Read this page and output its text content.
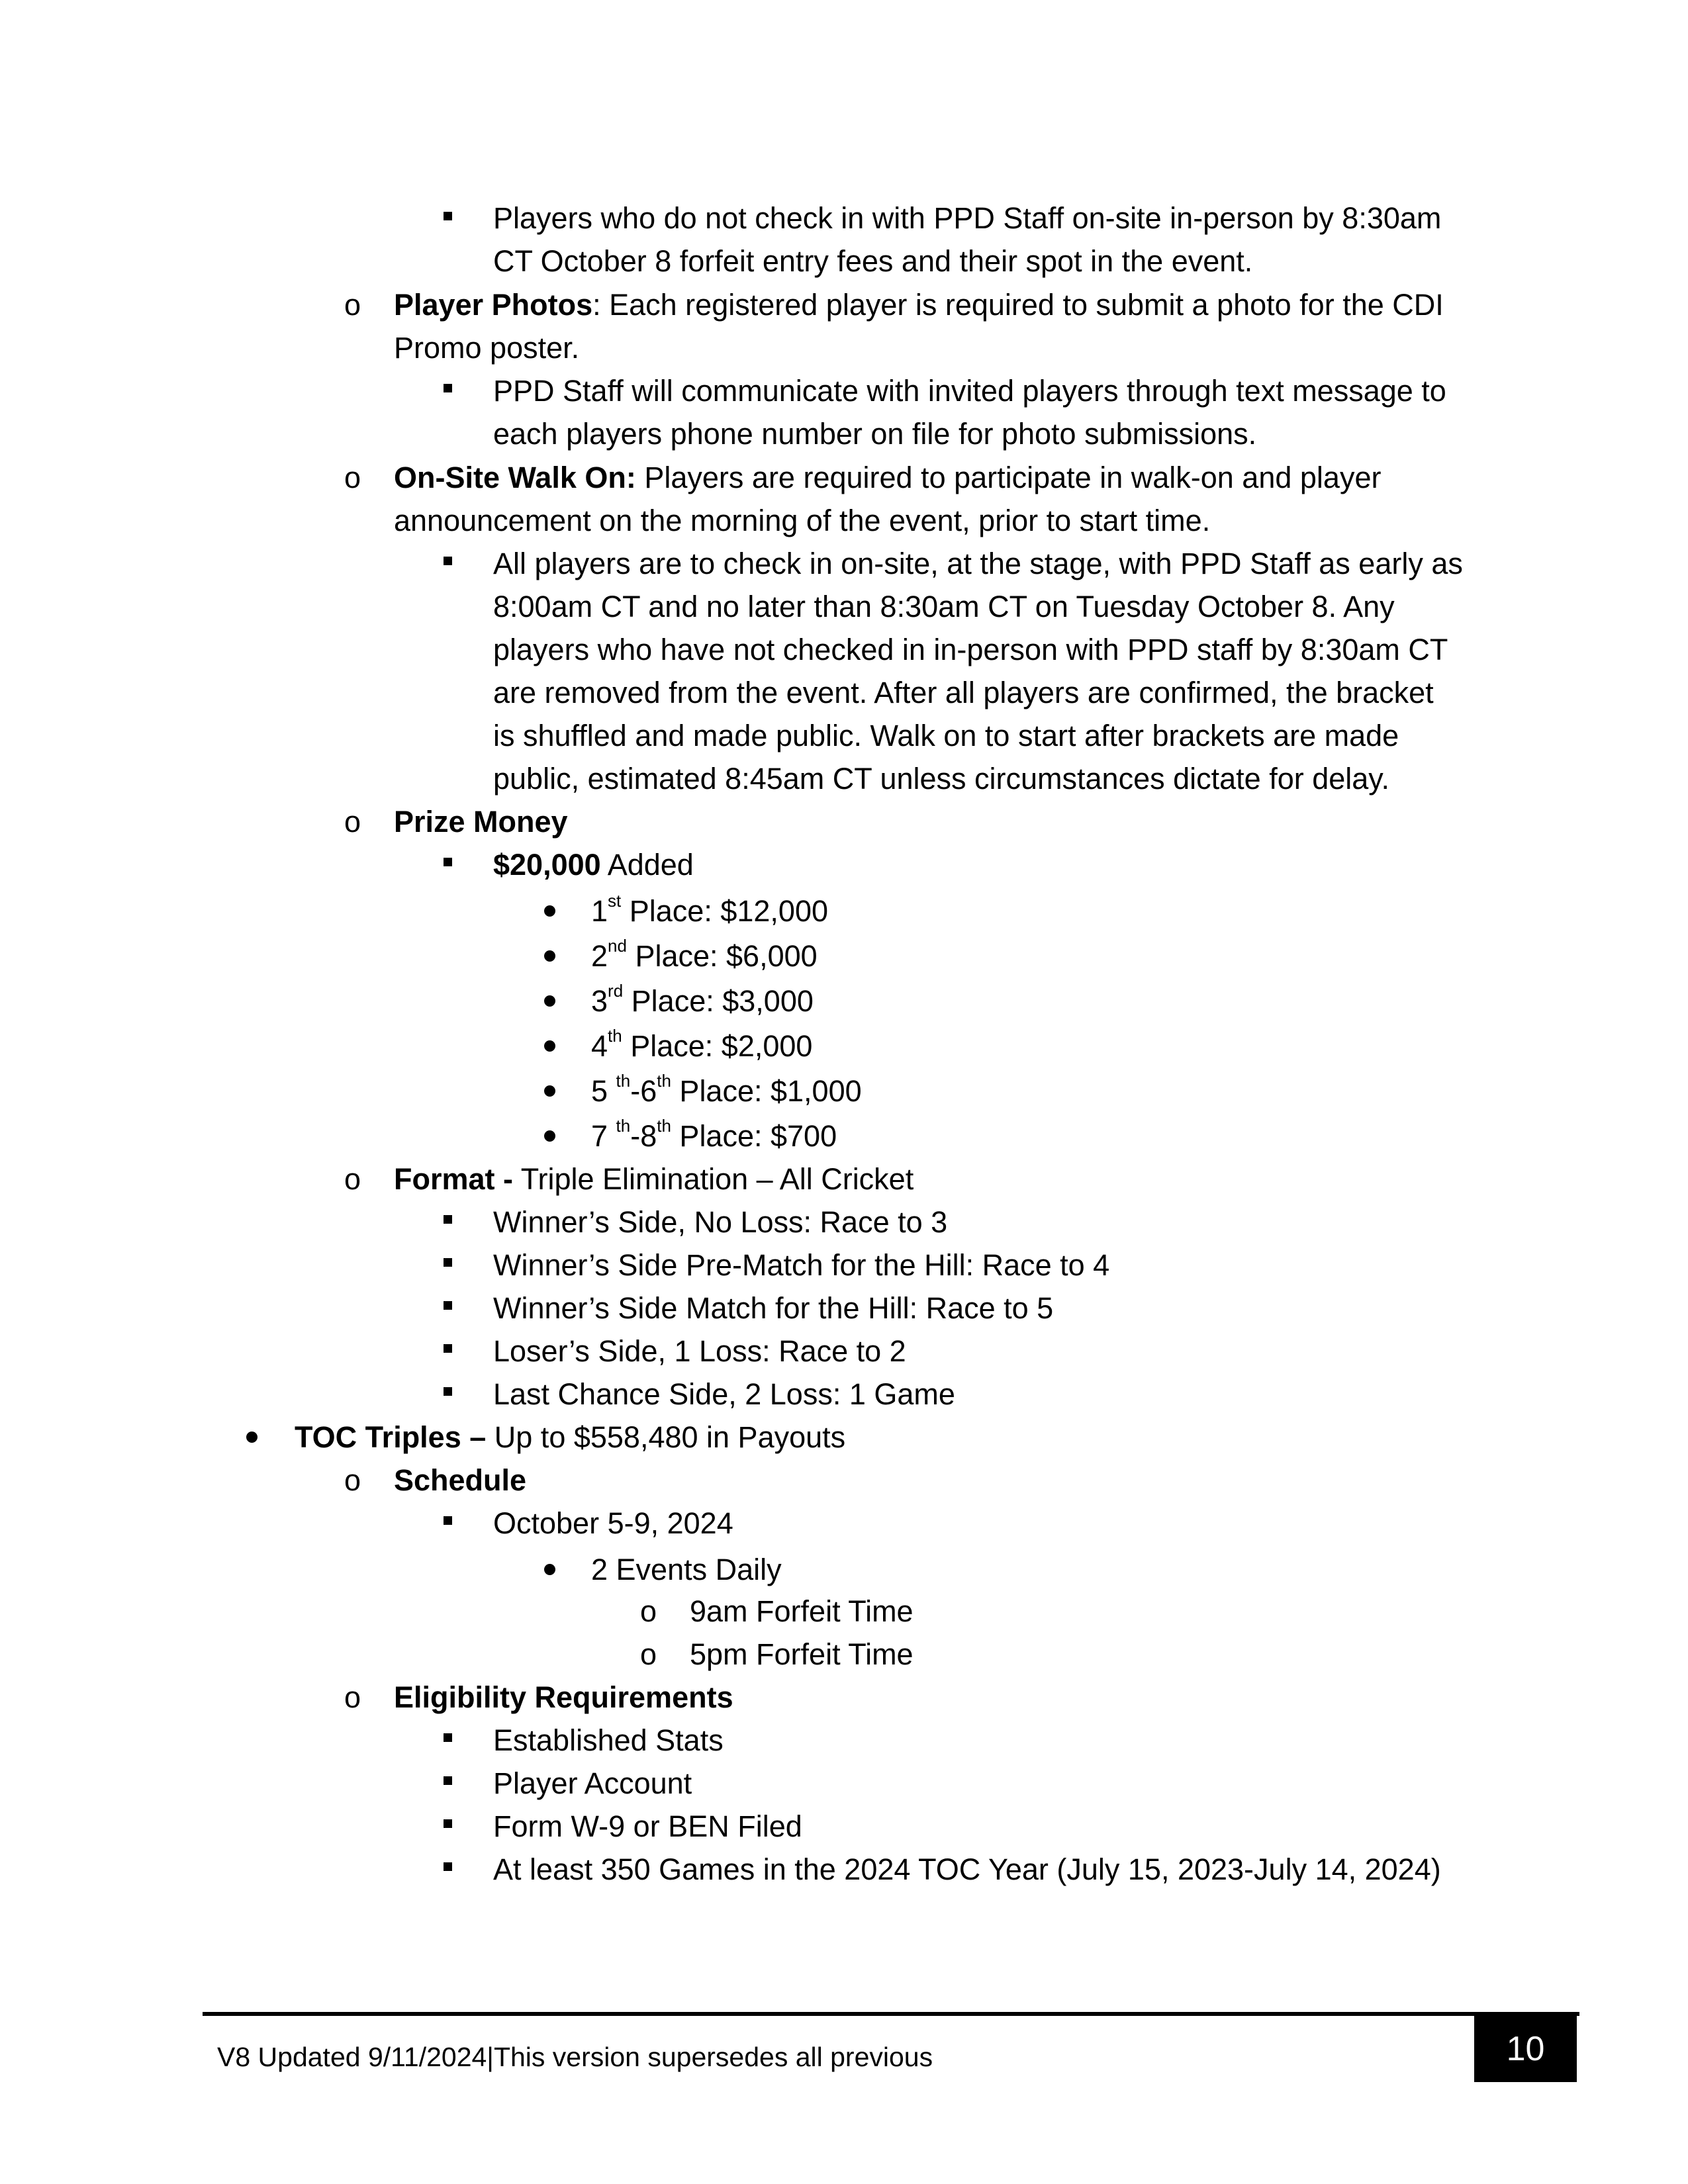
Players who do not check in with PPD Staff on-site in-person by 8:30am
CT October 8 forfeit entry fees and their spot in the event.
o Player Photos: Each registered player is required to submit a photo for the CDI
Promo poster.
PPD Staff will communicate with invited players through text message to
each players phone number on file for photo submissions.
o On-Site Walk On: Players are required to participate in walk-on and player
announcement on the morning of the event, prior to start time.
All players are to check in on-site, at the stage, with PPD Staff as early as
8:00am CT and no later than 8:30am CT on Tuesday October 8. Any
players who have not checked in in-person with PPD staff by 8:30am CT
are removed from the event. After all players are confirmed, the bracket
is shuffled and made public. Walk on to start after brackets are made
public, estimated 8:45am CT unless circumstances dictate for delay.
o Prize Money
$20,000 Added
1st Place: $12,000
2nd Place: $6,000
3rd Place: $3,000
4th Place: $2,000
5 $^{th}$-6th Place: $1,000
7 $^{th}$-8th Place: $700
o Format - Triple Elimination – All Cricket
Winner’s Side, No Loss: Race to 3
Winner’s Side Pre-Match for the Hill: Race to 4
Winner’s Side Match for the Hill: Race to 5
Loser’s Side, 1 Loss: Race to 2
Last Chance Side, 2 Loss: 1 Game
TOC Triples – Up to $558,480 in Payouts
o Schedule
October 5-9, 2024
2 Events Daily
o 9am Forfeit Time
o 5pm Forfeit Time
o Eligibility Requirements
Established Stats
Player Account
Form W-9 or BEN Filed
At least 350 Games in the 2024 TOC Year (July 15, 2023-July 14, 2024)
V8 Updated 9/11/2024|This version supersedes all previous	10
